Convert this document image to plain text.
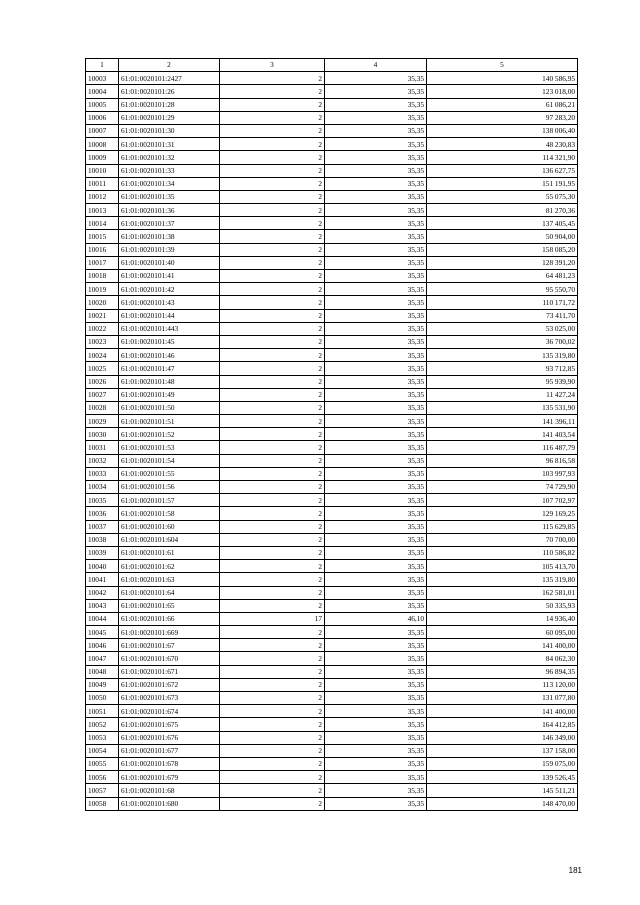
1	2	3	4	5
10003	61:01:0020101:2427	2	35,35	140 586,95
10004	61:01:0020101:26	2	35,35	123 018,00
10005	61:01:0020101:28	2	35,35	61 086,21
10006	61:01:0020101:29	2	35,35	97 283,20
10007	61:01:0020101:30	2	35,35	138 006,40
10008	61:01:0020101:31	2	35,35	48 230,83
10009	61:01:0020101:32	2	35,35	114 321,90
10010	61:01:0020101:33	2	35,35	136 627,75
10011	61:01:0020101:34	2	35,35	151 191,95
10012	61:01:0020101:35	2	35,35	55 075,30
10013	61:01:0020101:36	2	35,35	81 270,36
10014	61:01:0020101:37	2	35,35	137 405,45
10015	61:01:0020101:38	2	35,35	50 904,00
10016	61:01:0020101:39	2	35,35	158 085,20
10017	61:01:0020101:40	2	35,35	128 391,20
10018	61:01:0020101:41	2	35,35	64 481,23
10019	61:01:0020101:42	2	35,35	95 550,70
10020	61:01:0020101:43	2	35,35	110 171,72
10021	61:01:0020101:44	2	35,35	73 411,70
10022	61:01:0020101:443	2	35,35	53 025,00
10023	61:01:0020101:45	2	35,35	36 700,02
10024	61:01:0020101:46	2	35,35	135 319,80
10025	61:01:0020101:47	2	35,35	93 712,85
10026	61:01:0020101:48	2	35,35	95 939,90
10027	61:01:0020101:49	2	35,35	11 427,24
10028	61:01:0020101:50	2	35,35	135 531,90
10029	61:01:0020101:51	2	35,35	141 396,11
10030	61:01:0020101:52	2	35,35	141 403,54
10031	61:01:0020101:53	2	35,35	116 487,79
10032	61:01:0020101:54	2	35,35	96 816,58
10033	61:01:0020101:55	2	35,35	103 997,93
10034	61:01:0020101:56	2	35,35	74 729,90
10035	61:01:0020101:57	2	35,35	107 702,97
10036	61:01:0020101:58	2	35,35	129 169,25
10037	61:01:0020101:60	2	35,35	115 629,85
10038	61:01:0020101:604	2	35,35	70 700,00
10039	61:01:0020101:61	2	35,35	110 586,82
10040	61:01:0020101:62	2	35,35	105 413,70
10041	61:01:0020101:63	2	35,35	135 319,80
10042	61:01:0020101:64	2	35,35	162 581,01
10043	61:01:0020101:65	2	35,35	50 335,93
10044	61:01:0020101:66	17	46,10	14 936,40
10045	61:01:0020101:669	2	35,35	60 095,00
10046	61:01:0020101:67	2	35,35	141 400,00
10047	61:01:0020101:670	2	35,35	84 062,30
10048	61:01:0020101:671	2	35,35	96 894,35
10049	61:01:0020101:672	2	35,35	113 120,00
10050	61:01:0020101:673	2	35,35	131 077,80
10051	61:01:0020101:674	2	35,35	141 400,00
10052	61:01:0020101:675	2	35,35	164 412,85
10053	61:01:0020101:676	2	35,35	146 349,00
10054	61:01:0020101:677	2	35,35	137 158,00
10055	61:01:0020101:678	2	35,35	159 075,00
10056	61:01:0020101:679	2	35,35	139 526,45
10057	61:01:0020101:68	2	35,35	145 511,21
10058	61:01:0020101:680	2	35,35	148 470,00
181
